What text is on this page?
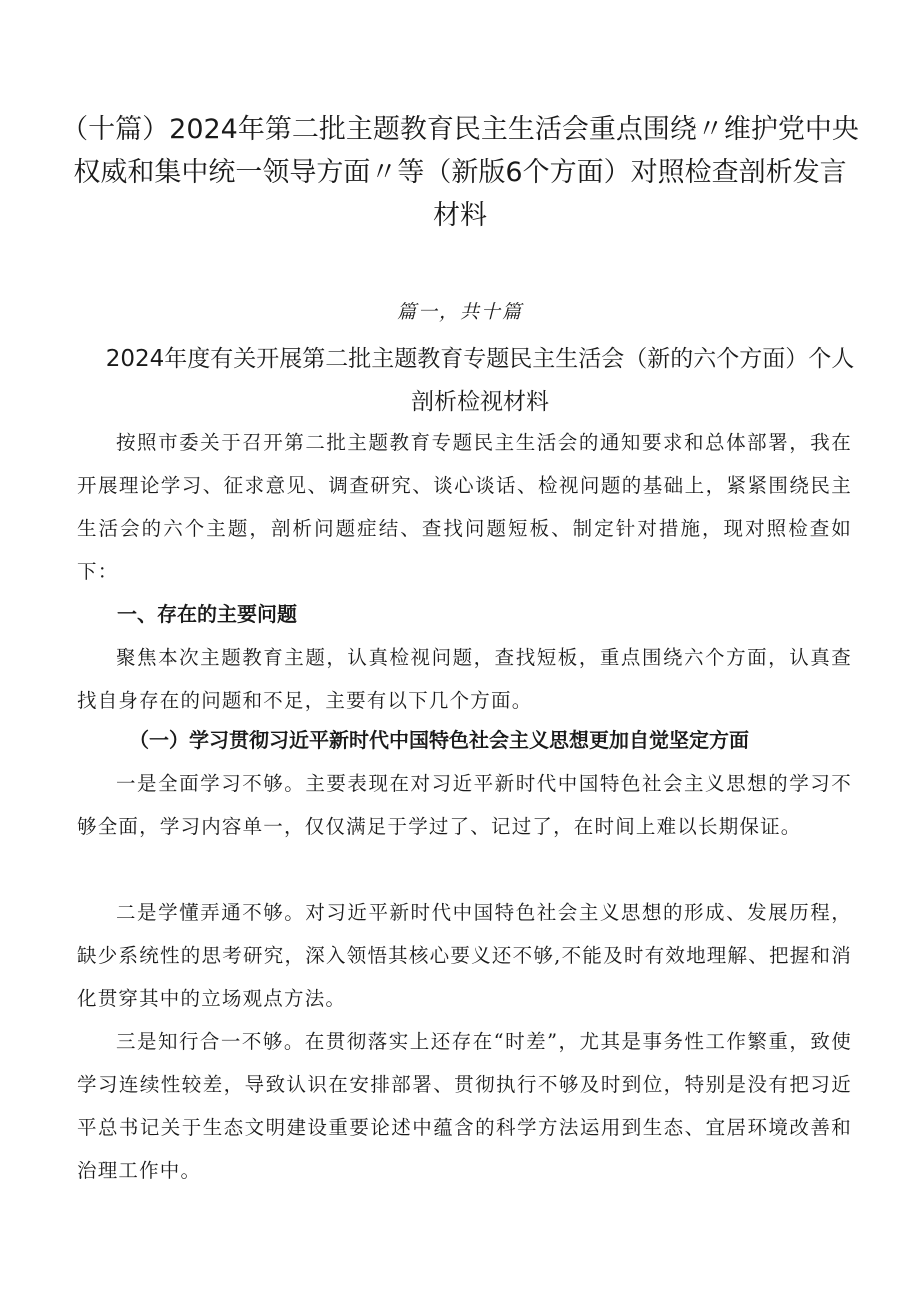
（十篇）2024年第二批主题教育民主生活会重点围绕〃维护党中央权威和集中统一领导方面〃等（新版6个方面）对照检查剖析发言材料

篇一，共十篇

2024年度有关开展第二批主题教育专题民主生活会（新的六个方面）个人剖析检视材料

按照市委关于召开第二批主题教育专题民主生活会的通知要求和总体部署，我在开展理论学习、征求意见、调查研究、谈心谈话、检视问题的基础上，紧紧围绕民主生活会的六个主题，剖析问题症结、查找问题短板、制定针对措施，现对照检查如下：

一、存在的主要问题

聚焦本次主题教育主题，认真检视问题，查找短板，重点围绕六个方面，认真查找自身存在的问题和不足，主要有以下几个方面。

（一）学习贯彻习近平新时代中国特色社会主义思想更加自觉坚定方面

一是全面学习不够。主要表现在对习近平新时代中国特色社会主义思想的学习不够全面，学习内容单一，仅仅满足于学过了、记过了，在时间上难以长期保证。

二是学懂弄通不够。对习近平新时代中国特色社会主义思想的形成、发展历程，缺少系统性的思考研究，深入领悟其核心要义还不够,不能及时有效地理解、把握和消化贯穿其中的立场观点方法。

三是知行合一不够。在贯彻落实上还存在“时差”，尤其是事务性工作繁重，致使学习连续性较差，导致认识在安排部署、贯彻执行不够及时到位，特别是没有把习近平总书记关于生态文明建设重要论述中蕴含的科学方法运用到生态、宜居环境改善和治理工作中。
